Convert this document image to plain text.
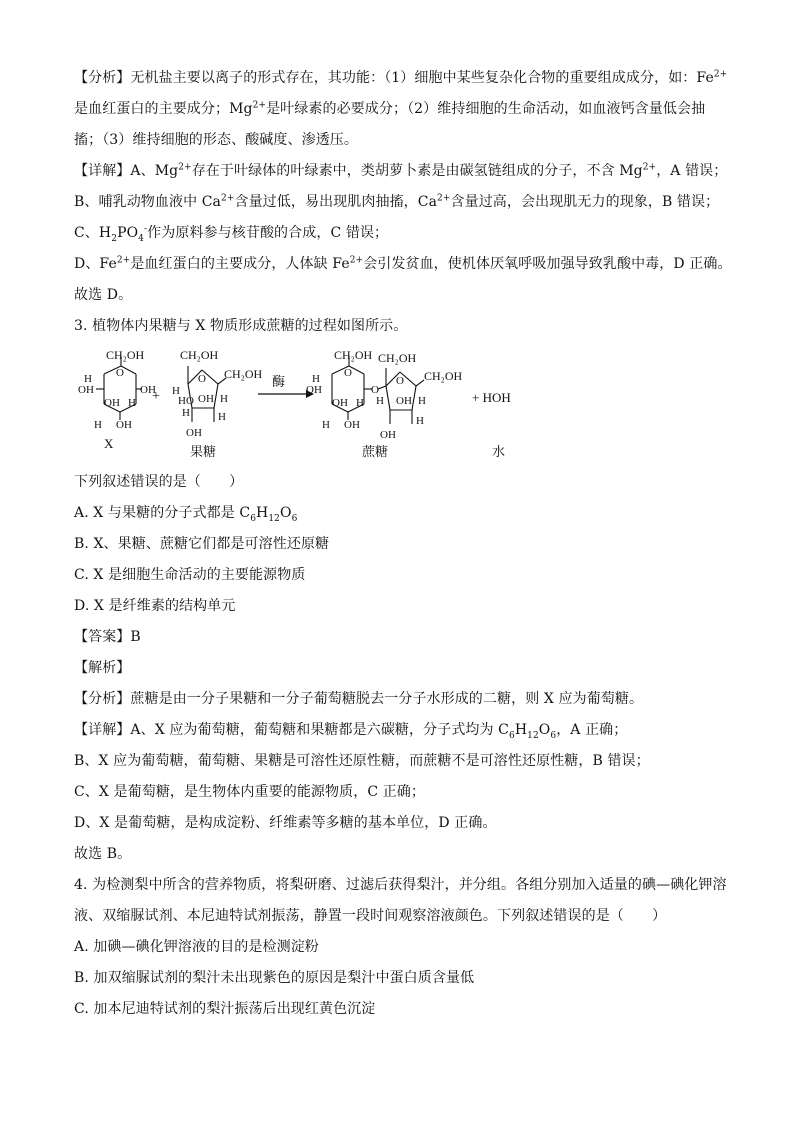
【分析】无机盐主要以离子的形式存在，其功能：（1）细胞中某些复杂化合物的重要组成成分，如：$Fe^{2+}$
是血红蛋白的主要成分；$Mg^{2+}$是叶绿素的必要成分；（2）维持细胞的生命活动，如血液钙含量低会抽
搐；（3）维持细胞的形态、酸碱度、渗透压。
【详解】A、$Mg^{2+}$存在于叶绿体的叶绿素中，类胡萝卜素是由碳氢链组成的分子，不含 $Mg^{2+}$，A 错误；
B、哺乳动物血液中 $Ca^{2+}$含量过低，易出现肌肉抽搐，$Ca^{2+}$含量过高，会出现肌无力的现象，B 错误；
C、$H_2PO_4^-$作为原料参与核苷酸的合成，C 错误；
D、$Fe^{2+}$是血红蛋白的主要成分，人体缺 $Fe^{2+}$会引发贫血，使机体厌氧呼吸加强导致乳酸中毒，D 正确。
故选 D。
3. 植物体内果糖与 X 物质形成蔗糖的过程如图所示。
CH₂OH
O
H
OH	OH
OH H
H OH
X
+
CH₂OH
O CH₂OH
H
HO OH H
H
OH
H
果糖
酶
CH₂OH
O
H
OH
OH H
H OH
O
CH₂OH
O CH₂OH
H OH H
OH
H
蔗糖
+ HOH
水
下列叙述错误的是（　　）
A. X 与果糖的分子式都是 $C_6H_{12}O_6$
B. X、果糖、蔗糖它们都是可溶性还原糖
C. X 是细胞生命活动的主要能源物质
D. X 是纤维素的结构单元
【答案】B
【解析】
【分析】蔗糖是由一分子果糖和一分子葡萄糖脱去一分子水形成的二糖，则 X 应为葡萄糖。
【详解】A、X 应为葡萄糖，葡萄糖和果糖都是六碳糖，分子式均为 $C_6H_{12}O_6$，A 正确；
B、X 应为葡萄糖，葡萄糖、果糖是可溶性还原性糖，而蔗糖不是可溶性还原性糖，B 错误；
C、X 是葡萄糖，是生物体内重要的能源物质，C 正确；
D、X 是葡萄糖，是构成淀粉、纤维素等多糖的基本单位，D 正确。
故选 B。
4. 为检测梨中所含的营养物质，将梨研磨、过滤后获得梨汁，并分组。各组分别加入适量的碘—碘化钾溶
液、双缩脲试剂、本尼迪特试剂振荡，静置一段时间观察溶液颜色。下列叙述错误的是（　　）
A. 加碘—碘化钾溶液的目的是检测淀粉
B. 加双缩脲试剂的梨汁未出现紫色的原因是梨汁中蛋白质含量低
C. 加本尼迪特试剂的梨汁振荡后出现红黄色沉淀
